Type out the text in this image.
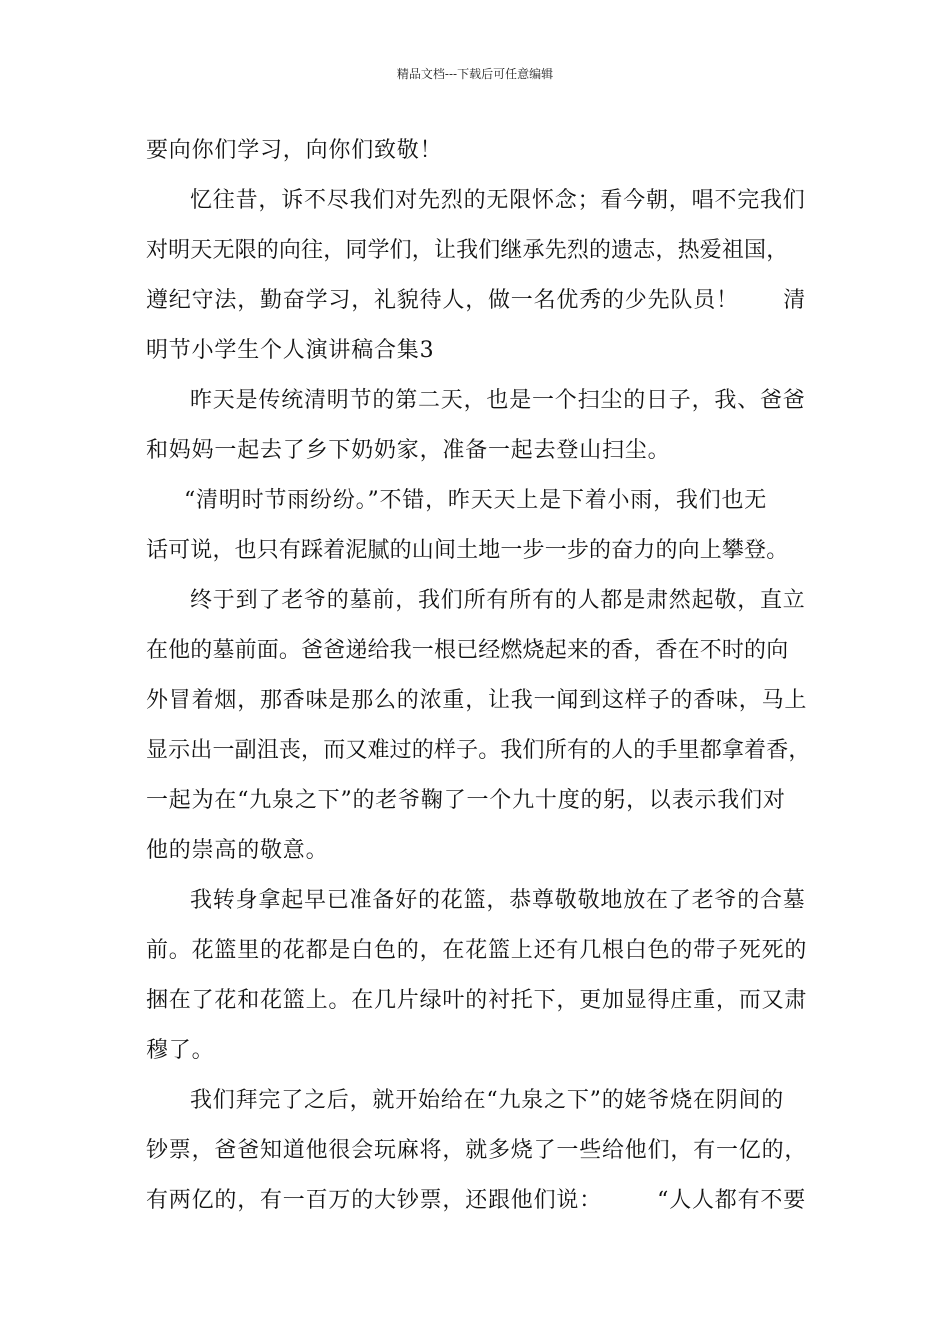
精品文档---下载后可任意编辑
要向你们学习，向你们致敬！
忆往昔，诉不尽我们对先烈的无限怀念；看今朝，唱不完我们
对明天无限的向往，同学们，让我们继承先烈的遗志，热爱祖国，
遵纪守法，勤奋学习，礼貌待人，做一名优秀的少先队员！ 清
明节小学生个人演讲稿合集3
昨天是传统清明节的第二天，也是一个扫尘的日子，我、爸爸
和妈妈一起去了乡下奶奶家，准备一起去登山扫尘。
“清明时节雨纷纷。”不错，昨天天上是下着小雨，我们也无
话可说，也只有踩着泥腻的山间土地一步一步的奋力的向上攀登。
终于到了老爷的墓前，我们所有所有的人都是肃然起敬，直立
在他的墓前面。爸爸递给我一根已经燃烧起来的香，香在不时的向
外冒着烟，那香味是那么的浓重，让我一闻到这样子的香味，马上
显示出一副沮丧，而又难过的样子。我们所有的人的手里都拿着香，
一起为在“九泉之下”的老爷鞠了一个九十度的躬，以表示我们对
他的崇高的敬意。
我转身拿起早已准备好的花篮，恭尊敬敬地放在了老爷的合墓
前。花篮里的花都是白色的，在花篮上还有几根白色的带子死死的
捆在了花和花篮上。在几片绿叶的衬托下，更加显得庄重，而又肃
穆了。
我们拜完了之后，就开始给在“九泉之下”的姥爷烧在阴间的
钞票，爸爸知道他很会玩麻将，就多烧了一些给他们， 有一亿的，
有两亿的，有一百万的大钞票，还跟他们说：	“人人都有不要
